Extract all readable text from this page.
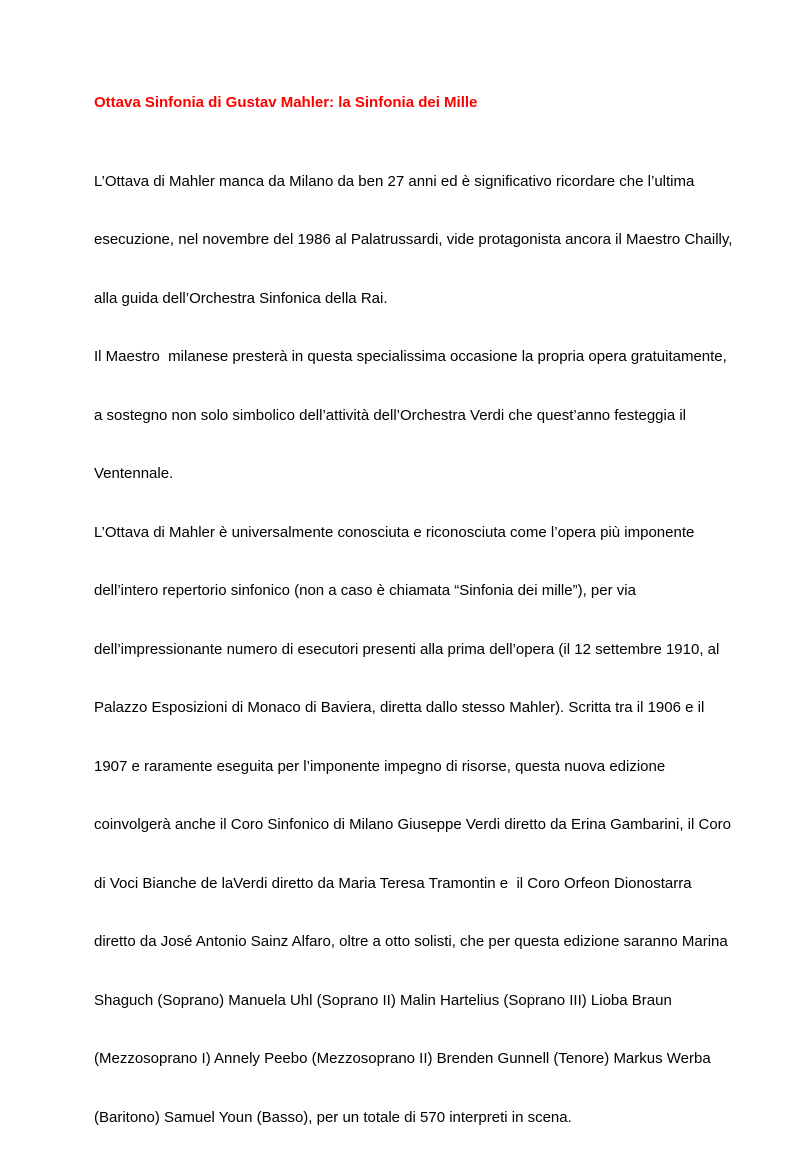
Ottava Sinfonia di Gustav Mahler: la Sinfonia dei Mille

L’Ottava di Mahler manca da Milano da ben 27 anni ed è significativo ricordare che l’ultima

esecuzione, nel novembre del 1986 al Palatrussardi, vide protagonista ancora il Maestro Chailly,

alla guida dell’Orchestra Sinfonica della Rai.

Il Maestro  milanese presterà in questa specialissima occasione la propria opera gratuitamente,

a sostegno non solo simbolico dell’attività dell’Orchestra Verdi che quest’anno festeggia il

Ventennale.

L’Ottava di Mahler è universalmente conosciuta e riconosciuta come l’opera più imponente

dell’intero repertorio sinfonico (non a caso è chiamata “Sinfonia dei mille”), per via

dell’impressionante numero di esecutori presenti alla prima dell’opera (il 12 settembre 1910, al

Palazzo Esposizioni di Monaco di Baviera, diretta dallo stesso Mahler). Scritta tra il 1906 e il

1907 e raramente eseguita per l’imponente impegno di risorse, questa nuova edizione

coinvolgerà anche il Coro Sinfonico di Milano Giuseppe Verdi diretto da Erina Gambarini, il Coro

di Voci Bianche de laVerdi diretto da Maria Teresa Tramontin e  il Coro Orfeon Dionostarra

diretto da José Antonio Sainz Alfaro, oltre a otto solisti, che per questa edizione saranno Marina

Shaguch (Soprano) Manuela Uhl (Soprano II) Malin Hartelius (Soprano III) Lioba Braun

(Mezzosoprano I) Annely Peebo (Mezzosoprano II) Brenden Gunnell (Tenore) Markus Werba

(Baritono) Samuel Youn (Basso), per un totale di 570 interpreti in scena.
